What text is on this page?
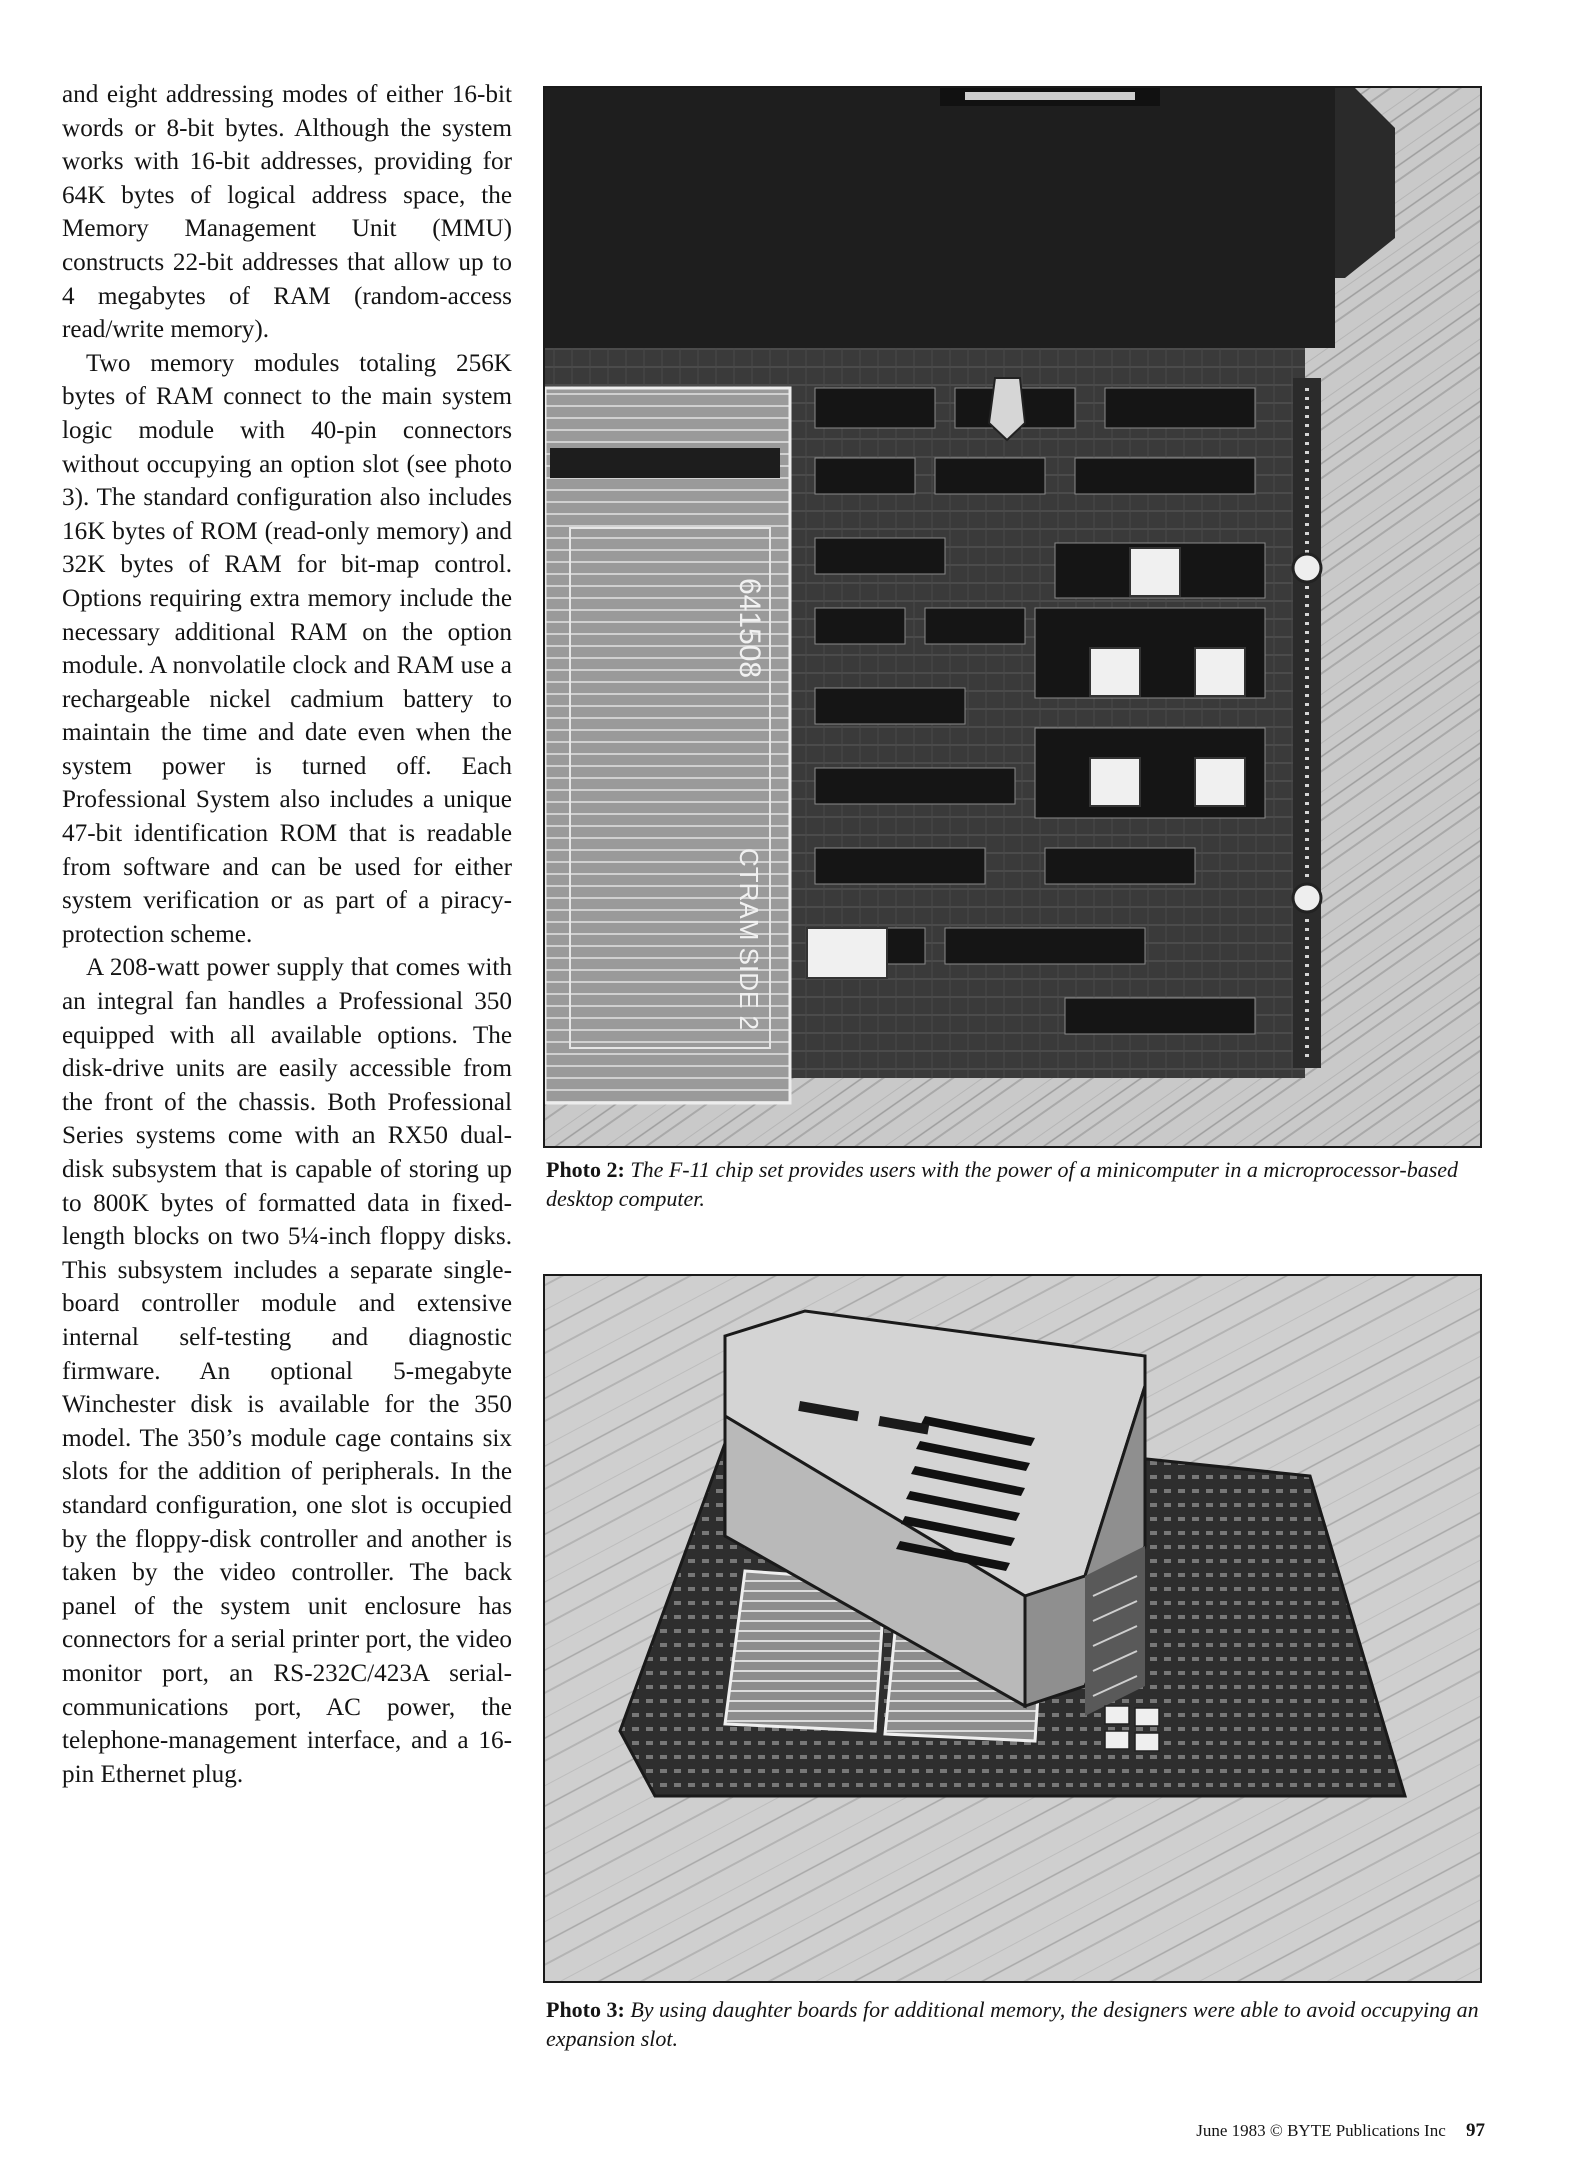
and eight addressing modes of either 16-bit words or 8-bit bytes. Although the system works with 16-bit addresses, providing for 64K bytes of logical address space, the Memory Management Unit (MMU) constructs 22-bit addresses that allow up to 4 megabytes of RAM (random-access read/write memory).

Two memory modules totaling 256K bytes of RAM connect to the main system logic module with 40-pin connectors without occupying an option slot (see photo 3). The standard configuration also includes 16K bytes of ROM (read-only memory) and 32K bytes of RAM for bit-map control. Options requiring extra memory include the necessary additional RAM on the option module. A nonvolatile clock and RAM use a rechargeable nickel cadmium battery to maintain the time and date even when the system power is turned off. Each Professional System also includes a unique 47-bit identification ROM that is readable from software and can be used for either system verification or as part of a piracy-protection scheme.

A 208-watt power supply that comes with an integral fan handles a Professional 350 equipped with all available options. The disk-drive units are easily accessible from the front of the chassis. Both Professional Series systems come with an RX50 dual-disk subsystem that is capable of storing up to 800K bytes of formatted data in fixed-length blocks on two 5¼-inch floppy disks. This subsystem includes a separate single-board controller module and extensive internal self-testing and diagnostic firmware. An optional 5-megabyte Winchester disk is available for the 350 model. The 350’s module cage contains six slots for the addition of peripherals. In the standard configuration, one slot is occupied by the floppy-disk controller and another is taken by the video controller. The back panel of the system unit enclosure has connectors for a serial printer port, the video monitor port, an RS-232C/423A serial-communications port, AC power, the telephone-management interface, and a 16-pin Ethernet plug.

641508
CTRAM SIDE 2
Photo 2: The F-11 chip set provides users with the power of a minicomputer in a microprocessor-based desktop computer.
Photo 3: By using daughter boards for additional memory, the designers were able to avoid occupying an expansion slot.
June 1983 © BYTE Publications Inc 97
